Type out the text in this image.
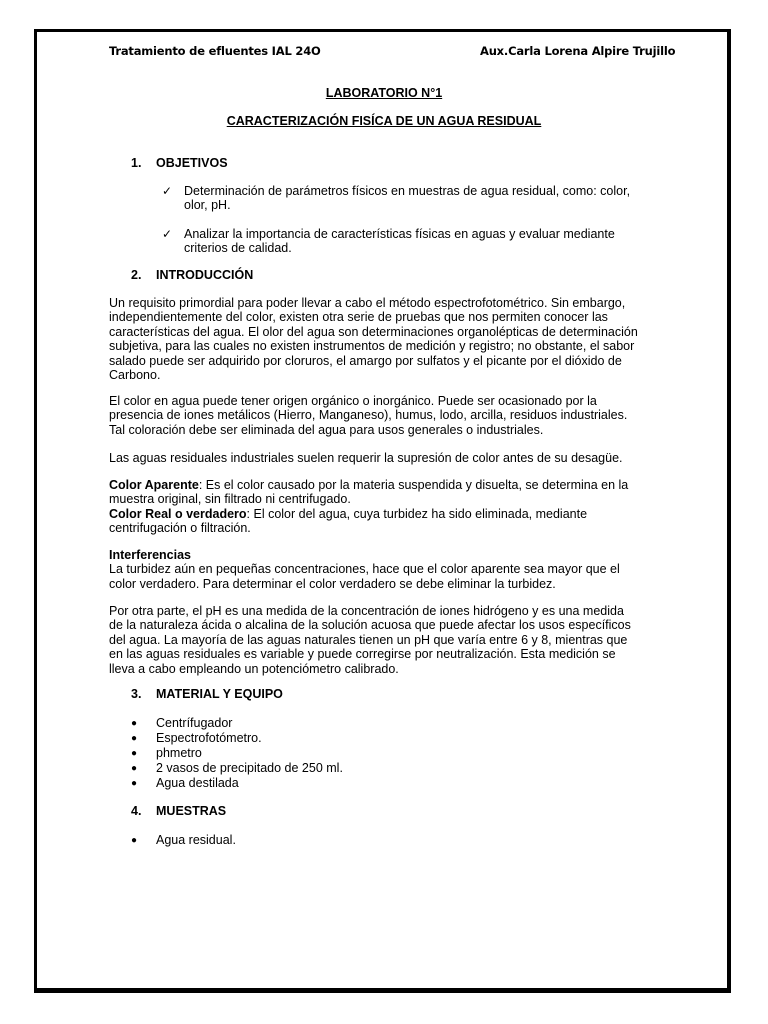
Tratamiento de efluentes IAL 24O	Aux.Carla Lorena Alpire Trujillo
LABORATORIO N°1
CARACTERIZACIÓN FISÍCA DE UN AGUA RESIDUAL
1. OBJETIVOS
✓ Determinación de parámetros físicos en muestras de agua residual, como: color,
olor, pH.
✓ Analizar la importancia de características físicas en aguas y evaluar mediante
criterios de calidad.
2. INTRODUCCIÓN
Un requisito primordial para poder llevar a cabo el método espectrofotométrico. Sin embargo,
independientemente del color, existen otra serie de pruebas que nos permiten conocer las
características del agua. El olor del agua son determinaciones organolépticas de determinación
subjetiva, para las cuales no existen instrumentos de medición y registro; no obstante, el sabor
salado puede ser adquirido por cloruros, el amargo por sulfatos y el picante por el dióxido de
Carbono.
El color en agua puede tener origen orgánico o inorgánico. Puede ser ocasionado por la
presencia de iones metálicos (Hierro, Manganeso), humus, lodo, arcilla, residuos industriales.
Tal coloración debe ser eliminada del agua para usos generales o industriales.
Las aguas residuales industriales suelen requerir la supresión de color antes de su desagüe.
Color Aparente: Es el color causado por la materia suspendida y disuelta, se determina en la
muestra original, sin filtrado ni centrifugado.
Color Real o verdadero: El color del agua, cuya turbidez ha sido eliminada, mediante
centrifugación o filtración.
Interferencias
La turbidez aún en pequeñas concentraciones, hace que el color aparente sea mayor que el
color verdadero. Para determinar el color verdadero se debe eliminar la turbidez.
Por otra parte, el pH es una medida de la concentración de iones hidrógeno y es una medida
de la naturaleza ácida o alcalina de la solución acuosa que puede afectar los usos específicos
del agua. La mayoría de las aguas naturales tienen un pH que varía entre 6 y 8, mientras que
en las aguas residuales es variable y puede corregirse por neutralización. Esta medición se
lleva a cabo empleando un potenciómetro calibrado.
3. MATERIAL Y EQUIPO
● Centrífugador
● Espectrofotómetro.
● phmetro
● 2 vasos de precipitado de 250 ml.
● Agua destilada
4. MUESTRAS
● Agua residual.
